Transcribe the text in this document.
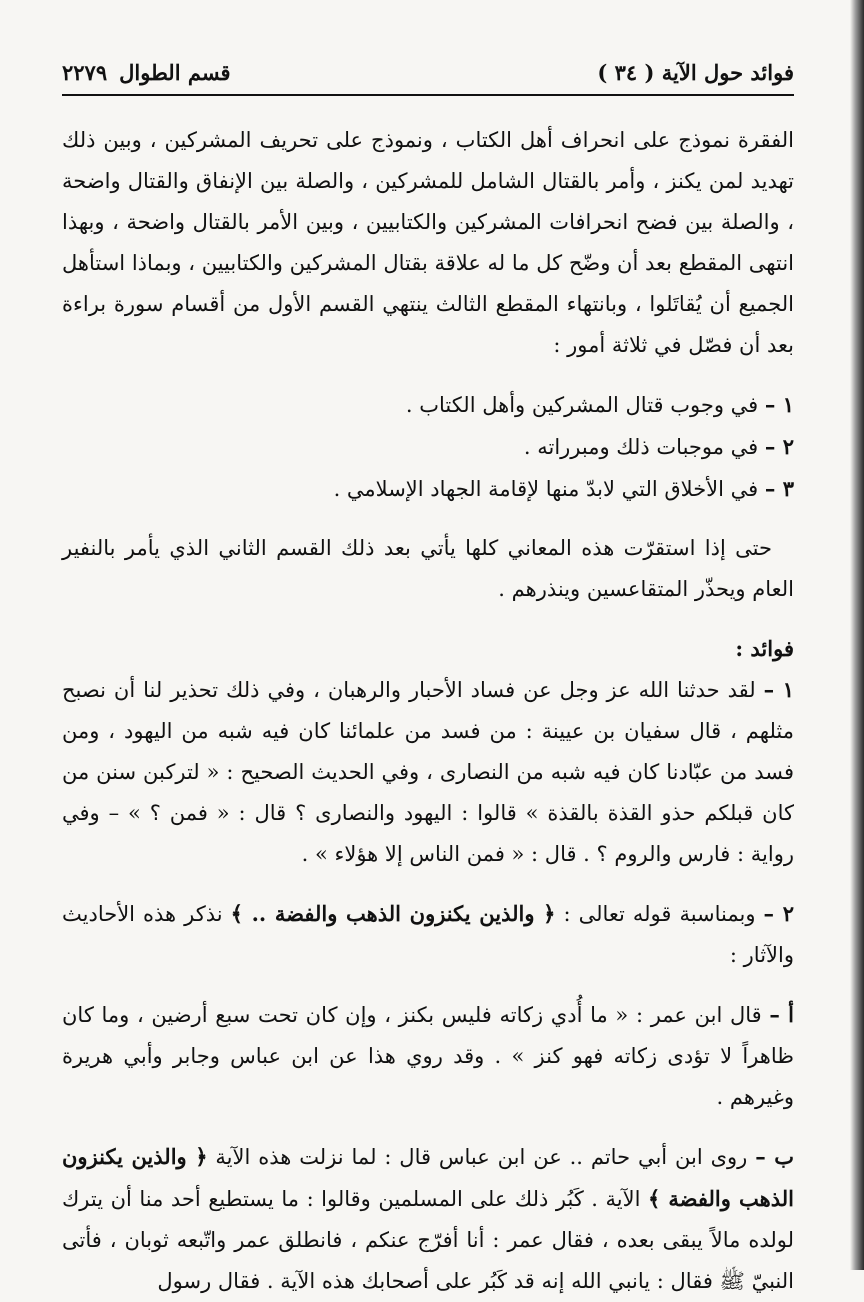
فوائد حول الآية ( ٣٤ )
قسم الطوال٢٢٧٩

الفقرة نموذج على انحراف أهل الكتاب ، ونموذج على تحريف المشركين ، وبين ذلك تهديد لمن يكنز ، وأمر بالقتال الشامل للمشركين ، والصلة بين الإنفاق والقتال واضحة ، والصلة بين فضح انحرافات المشركين والكتابيين ، وبين الأمر بالقتال واضحة ، وبهذا انتهى المقطع بعد أن وضّح كل ما له علاقة بقتال المشركين والكتابيين ، وبماذا استأهل الجميع أن يُقاتَلوا ، وبانتهاء المقطع الثالث ينتهي القسم الأول من أقسام سورة براءة بعد أن فصّل في ثلاثة أمور :

١ – في وجوب قتال المشركين وأهل الكتاب .

٢ – في موجبات ذلك ومبرراته .

٣ – في الأخلاق التي لابدّ منها لإقامة الجهاد الإسلامي .

حتى إذا استقرّت هذه المعاني كلها يأتي بعد ذلك القسم الثاني الذي يأمر بالنفير العام ويحذّر المتقاعسين وينذرهم .

فوائد :

١ – لقد حدثنا الله عز وجل عن فساد الأحبار والرهبان ، وفي ذلك تحذير لنا أن نصبح مثلهم ، قال سفيان بن عيينة : من فسد من علمائنا كان فيه شبه من اليهود ، ومن فسد من عبّادنا كان فيه شبه من النصارى ، وفي الحديث الصحيح : « لتركبن سنن من كان قبلكم حذو القذة بالقذة » قالوا : اليهود والنصارى ؟ قال : « فمن ؟ » – وفي رواية : فارس والروم ؟ . قال : « فمن الناس إلا هؤلاء » .

٢ – وبمناسبة قوله تعالى : ﴿ والذين يكنزون الذهب والفضة .. ﴾ نذكر هذه الأحاديث والآثار :

أ – قال ابن عمر : « ما أُدي زكاته فليس بكنز ، وإن كان تحت سبع أرضين ، وما كان ظاهراً لا تؤدى زكاته فهو كنز » . وقد روي هذا عن ابن عباس وجابر وأبي هريرة وغيرهم .

ب – روى ابن أبي حاتم .. عن ابن عباس قال : لما نزلت هذه الآية ﴿ والذين يكنزون الذهب والفضة ﴾ الآية . كَبُر ذلك على المسلمين وقالوا : ما يستطيع أحد منا أن يترك لولده مالاً يبقى بعده ، فقال عمر : أنا أفرّج عنكم ، فانطلق عمر واتّبعه ثوبان ، فأتى النبيّ ﷺ فقال : يانبي الله إنه قد كَبُر على أصحابك هذه الآية . فقال رسول
